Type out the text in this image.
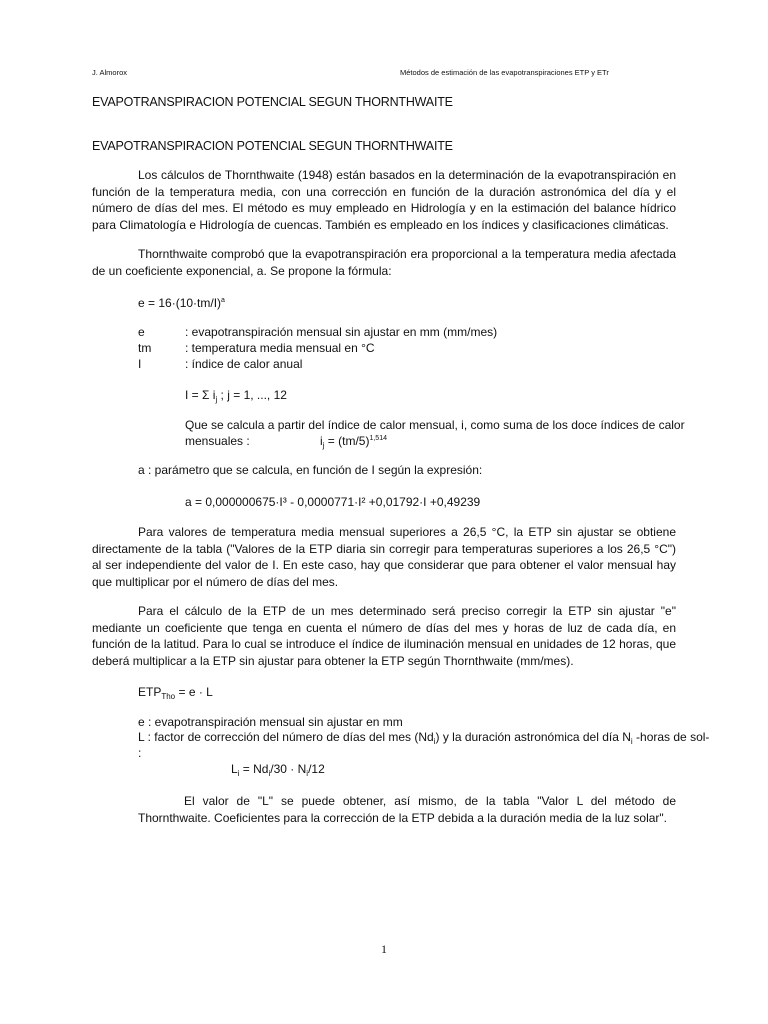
J. Almorox	Métodos de estimación de las evapotranspiraciones ETP y ETr
EVAPOTRANSPIRACION POTENCIAL SEGUN THORNTHWAITE
EVAPOTRANSPIRACION POTENCIAL SEGUN THORNTHWAITE
Los cálculos de Thornthwaite (1948) están basados en la determinación de la evapotranspiración en función de la temperatura media, con una corrección en función de la duración astronómica del día y el número de días del mes. El método es muy empleado en Hidrología y en la estimación del balance hídrico para Climatología e Hidrología de cuencas. También es empleado en los índices y clasificaciones climáticas.
Thornthwaite comprobó que la evapotranspiración era proporcional a la temperatura media afectada de un coeficiente exponencial, a. Se propone la fórmula:
$e = 16\cdot(10\cdot tm/I)^a$
e	: evapotranspiración mensual sin ajustar en mm (mm/mes)
tm	: temperatura media mensual en °C
I	: índice de calor anual
I = Σ $i_j$ ; j = 1, ..., 12
Que se calcula a partir del índice de calor mensual, i, como suma de los doce índices de calor
mensuales :	$i_j = (tm/5)^{1,514}$
a : parámetro que se calcula, en función de I según la expresión:
a = 0,000000675·I³ - 0,0000771·I² +0,01792·I +0,49239
Para valores de temperatura media mensual superiores a 26,5 °C, la ETP sin ajustar se obtiene directamente de la tabla ("Valores de la ETP diaria sin corregir para temperaturas superiores a los 26,5 °C") al ser independiente del valor de I. En este caso, hay que considerar que para obtener el valor mensual hay que multiplicar por el número de días del mes.
Para el cálculo de la ETP de un mes determinado será preciso corregir la ETP sin ajustar "e" mediante un coeficiente que tenga en cuenta el número de días del mes y horas de luz de cada día, en función de la latitud. Para lo cual se introduce el índice de iluminación mensual en unidades de 12 horas, que deberá multiplicar a la ETP sin ajustar para obtener la ETP según Thornthwaite (mm/mes).
$ETP_{Tho} = e \cdot L$
e : evapotranspiración mensual sin ajustar en mm
L : factor de corrección del número de días del mes $(Nd_i)$ y la duración astronómica del día $N_i$ -horas de sol-
:
$L_i = Nd_i/30 \cdot N_i/12$
El valor de "L" se puede obtener, así mismo, de la tabla "Valor L del método de Thornthwaite. Coeficientes para la corrección de la ETP debida a la duración media de la luz solar".
1
